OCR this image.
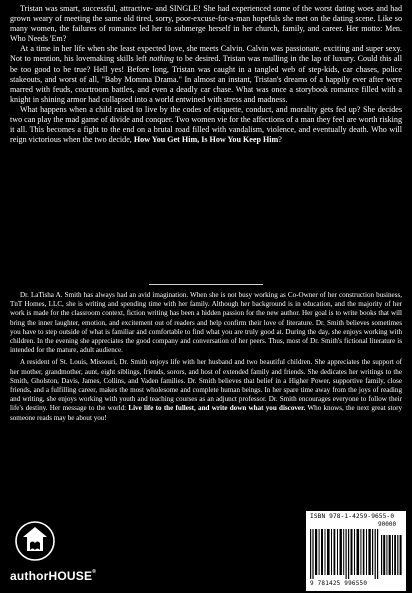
Tristan was smart, successful, attractive- and SINGLE! She had experienced some of the worst dating woes and had grown weary of meeting the same old tired, sorry, poor-excuse-for-a-man hopefuls she met on the dating scene. Like so many women, the failures of romance led her to submerge herself in her church, family, and career. Her motto: Men. Who Needs 'Em?

At a time in her life when she least expected love, she meets Calvin. Calvin was passionate, exciting and super sexy. Not to mention, his lovemaking skills left nothing to be desired. Tristan was mulling in the lap of luxury. Could this all be too good to be true? Hell yes! Before long, Tristan was caught in a tangled web of step-kids, car chases, police stakeouts, and worst of all, "Baby Momma Drama." In almost an instant, Tristan's dreams of a happily ever after were marred with feuds, courtroom battles, and even a deadly car chase. What was once a storybook romance filled with a knight in shining armor had collapsed into a world entwined with stress and madness.

What happens when a child raised to live by the codes of etiquette, conduct, and morality gets fed up? She decides two can play the mad game of divide and conquer. Two women vie for the affections of a man they feel are worth risking it all. This becomes a fight to the end on a brutal road filled with vandalism, violence, and eventually death. Who will reign victorious when the two decide, How You Get Him, Is How You Keep Him?

Dr. LaTisha A. Smith has always had an avid imagination. When she is not busy working as Co-Owner of her construction business, TnT Homes, LLC, she is writing and spending time with her family. Although her background is in education, and the majority of her work is made for the classroom context, fiction writing has been a hidden passion for the new author. Her goal is to write books that will bring the inner laughter, emotion, and excitement out of readers and help confirm their love of literature. Dr. Smith believes sometimes you have to step outside of what is familiar and comfortable to find what you are truly good at. During the day, she enjoys working with children. In the evening she appreciates the good company and conversation of her peers. Thus, most of Dr. Smith's fictional literature is intended for the mature, adult audience.

A resident of St. Louis, Missouri, Dr. Smith enjoys life with her husband and two beautiful children. She appreciates the support of her mother, grandmother, aunt, eight siblings, friends, sorors, and host of extended family and friends. She dedicates her writings to the Smith, Gholston, Davis, James, Collins, and Vaden families. Dr. Smith believes that belief in a Higher Power, supportive family, close friends, and a fulfilling career, makes the most wholesome and complete human beings. In her spare time away from the joys of reading and writing, she enjoys working with youth and teaching courses as an adjunct professor. Dr. Smith encourages everyone to follow their life's destiny. Her message to the world: Live life to the fullest, and write down what you discover. Who knows, the next great story someone reads may be about you!

authorHOUSE®
ISBN 978-1-4259-9655-0
90000
9 781425 996550
